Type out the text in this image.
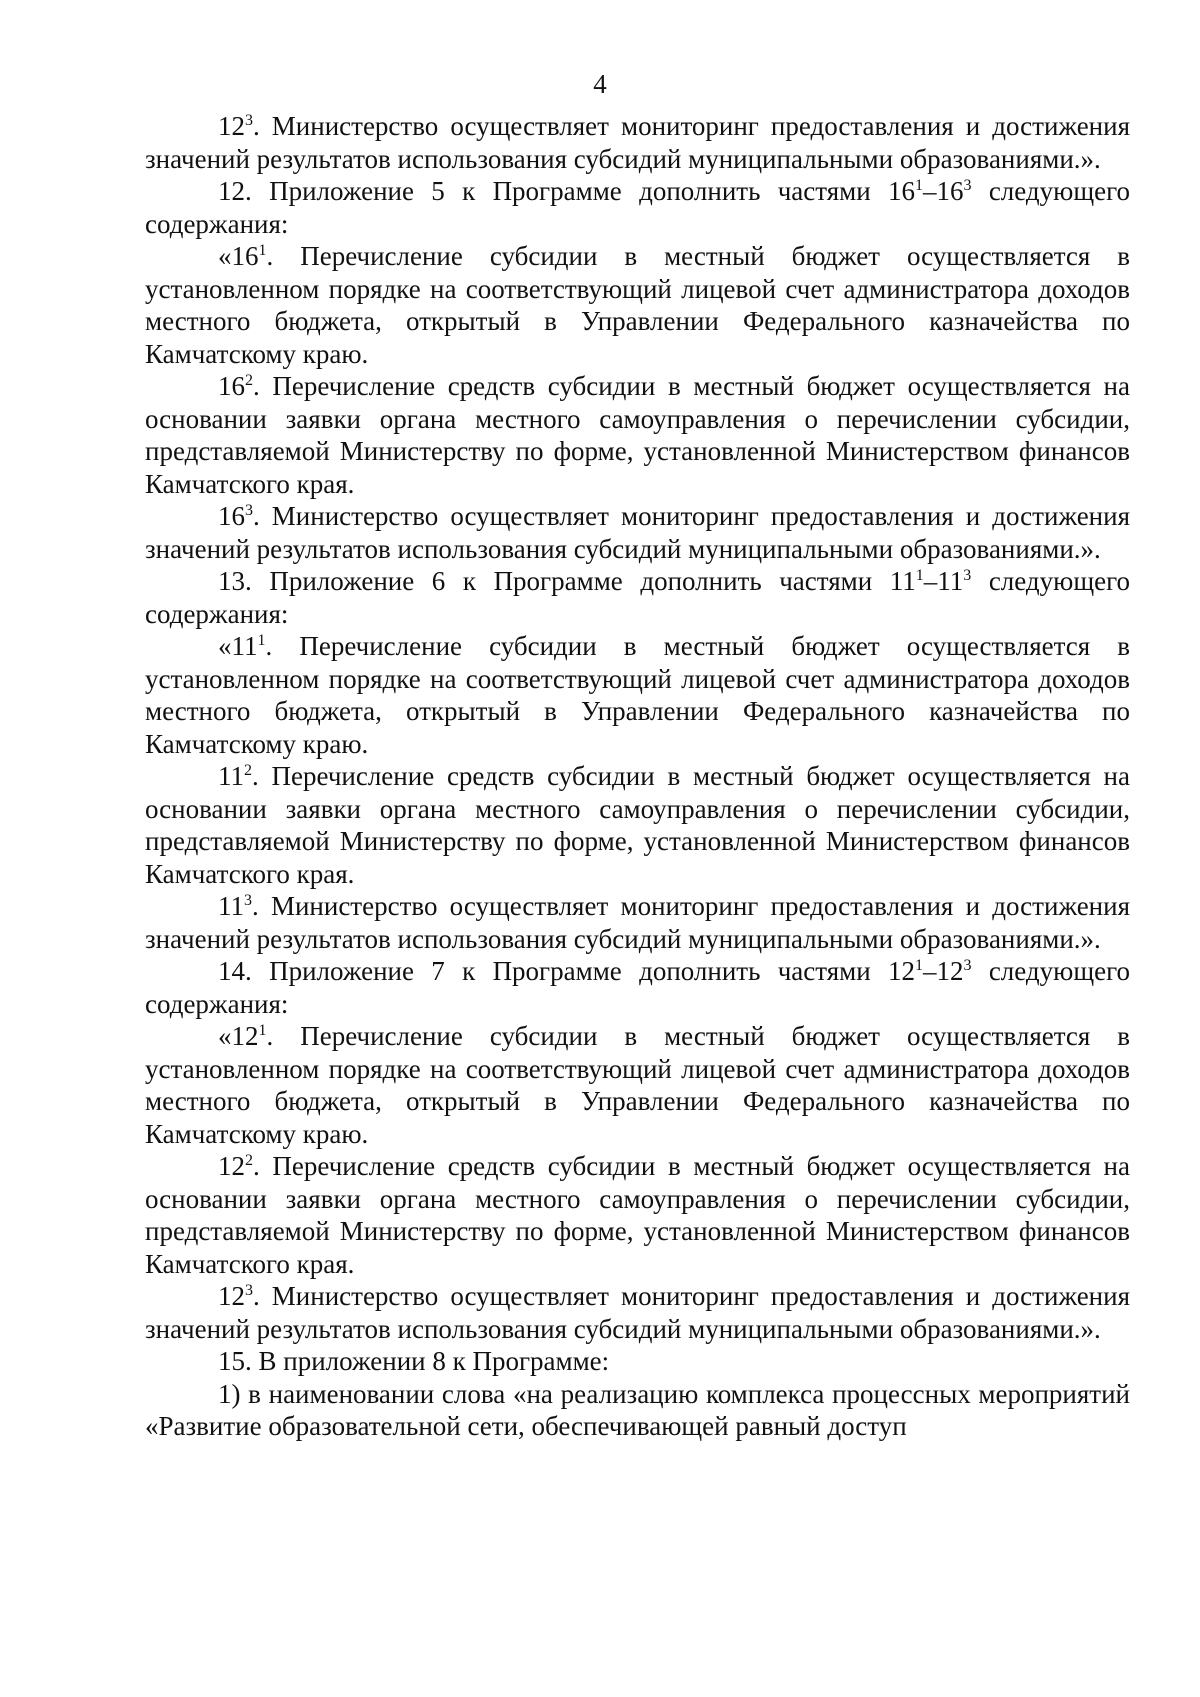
4

$12^3$. Министерство осуществляет мониторинг предоставления и достижения значений результатов использования субсидий муниципальными образованиями.».

12. Приложение 5 к Программе дополнить частями $16^1-16^3$ следующего содержания:

«$16^1$. Перечисление субсидии в местный бюджет осуществляется в установленном порядке на соответствующий лицевой счет администратора доходов местного бюджета, открытый в Управлении Федерального казначейства по Камчатскому краю.

$16^2$. Перечисление средств субсидии в местный бюджет осуществляется на основании заявки органа местного самоуправления о перечислении субсидии, представляемой Министерству по форме, установленной Министерством финансов Камчатского края.

$16^3$. Министерство осуществляет мониторинг предоставления и достижения значений результатов использования субсидий муниципальными образованиями.».

13. Приложение 6 к Программе дополнить частями $11^1-11^3$ следующего содержания:

«$11^1$. Перечисление субсидии в местный бюджет осуществляется в установленном порядке на соответствующий лицевой счет администратора доходов местного бюджета, открытый в Управлении Федерального казначейства по Камчатскому краю.

$11^2$. Перечисление средств субсидии в местный бюджет осуществляется на основании заявки органа местного самоуправления о перечислении субсидии, представляемой Министерству по форме, установленной Министерством финансов Камчатского края.

$11^3$. Министерство осуществляет мониторинг предоставления и достижения значений результатов использования субсидий муниципальными образованиями.».

14. Приложение 7 к Программе дополнить частями $12^1-12^3$ следующего содержания:

«$12^1$. Перечисление субсидии в местный бюджет осуществляется в установленном порядке на соответствующий лицевой счет администратора доходов местного бюджета, открытый в Управлении Федерального казначейства по Камчатскому краю.

$12^2$. Перечисление средств субсидии в местный бюджет осуществляется на основании заявки органа местного самоуправления о перечислении субсидии, представляемой Министерству по форме, установленной Министерством финансов Камчатского края.

$12^3$. Министерство осуществляет мониторинг предоставления и достижения значений результатов использования субсидий муниципальными образованиями.».

15. В приложении 8 к Программе:

1) в наименовании слова «на реализацию комплекса процессных мероприятий «Развитие образовательной сети, обеспечивающей равный доступ
